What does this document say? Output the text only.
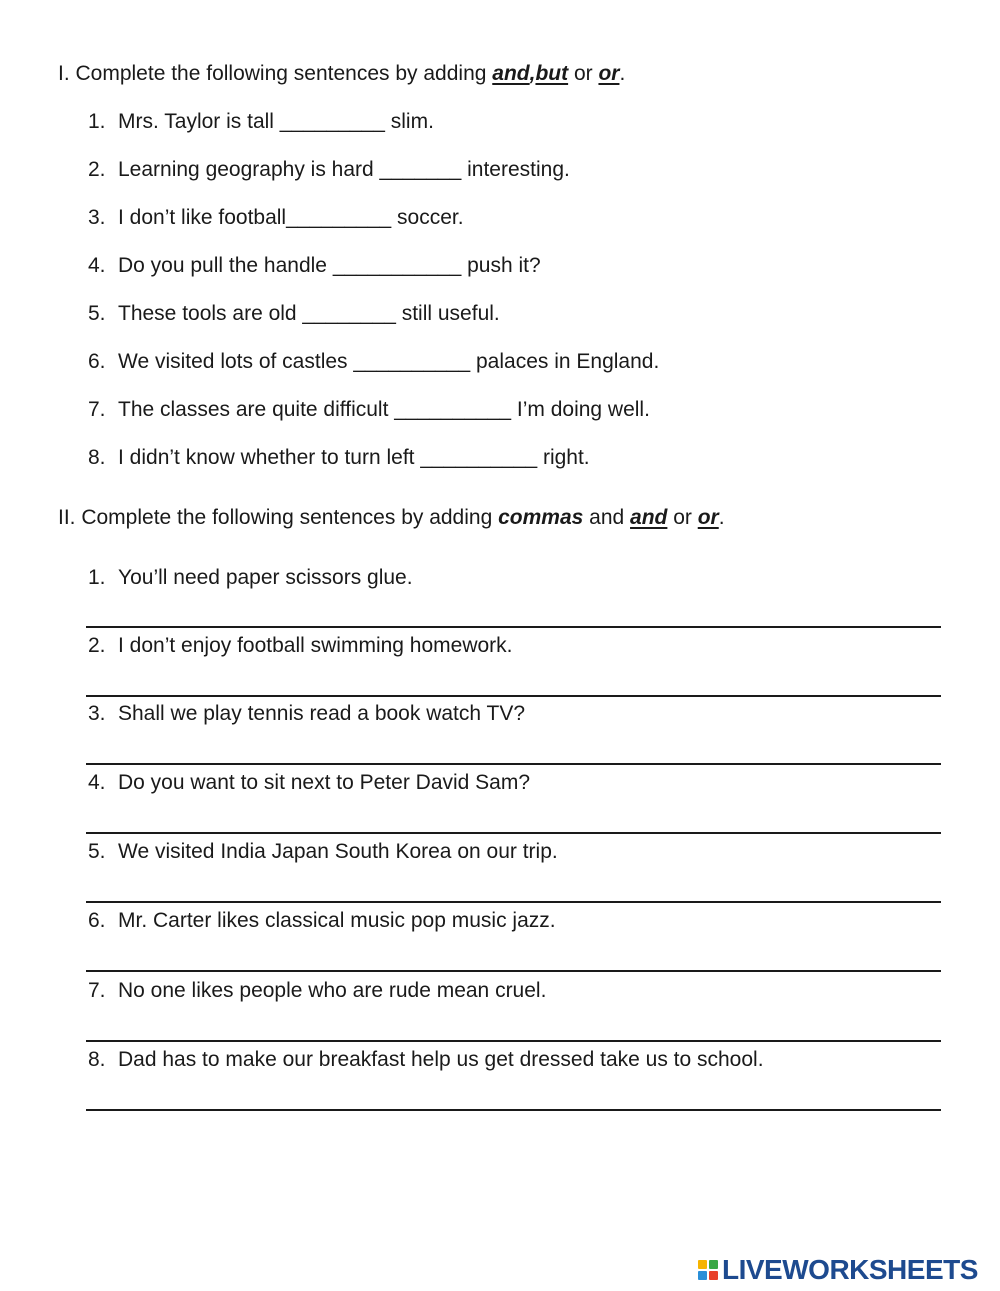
I. Complete the following sentences by adding and,but or or.
1. Mrs. Taylor is tall _________ slim.
2. Learning geography is hard _______ interesting.
3. I don’t like football_________ soccer.
4. Do you pull the handle ___________ push it?
5. These tools are old ________ still useful.
6. We visited lots of castles __________ palaces in England.
7. The classes are quite difficult __________ I’m doing well.
8. I didn’t know whether to turn left __________ right.
II. Complete the following sentences by adding commas and and or or.
1. You’ll need paper scissors glue.
2. I don’t enjoy football swimming homework.
3. Shall we play tennis read a book watch TV?
4. Do you want to sit next to Peter David Sam?
5. We visited India Japan South Korea on our trip.
6. Mr. Carter likes classical music pop music jazz.
7. No one likes people who are rude mean cruel.
8. Dad has to make our breakfast help us get dressed take us to school.
LIVEWORKSHEETS
